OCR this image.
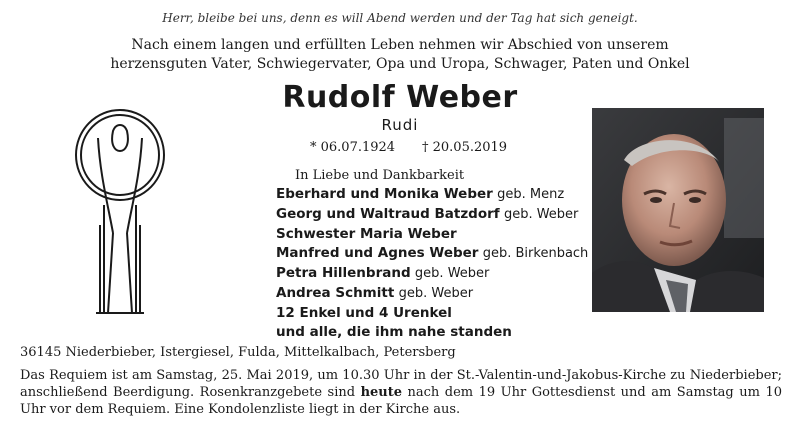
Herr, bleibe bei uns, denn es will Abend werden und der Tag hat sich geneigt.
Nach einem langen und erfüllten Leben nehmen wir Abschied von unserem
herzensguten Vater, Schwiegervater, Opa und Uropa, Schwager, Paten und Onkel
Rudolf Weber
Rudi
* 06.07.1924 † 20.05.2019
In Liebe und Dankbarkeit
Eberhard und Monika Weber geb. Menz
Georg und Waltraud Batzdorf geb. Weber
Schwester Maria Weber
Manfred und Agnes Weber geb. Birkenbach
Petra Hillenbrand geb. Weber
Andrea Schmitt geb. Weber
12 Enkel und 4 Urenkel
und alle, die ihm nahe standen
36145 Niederbieber, Istergiesel, Fulda, Mittelkalbach, Petersberg
Das Requiem ist am Samstag, 25. Mai 2019, um 10.30 Uhr in der St.-Valentin-und-Jakobus-Kirche zu Niederbieber; anschließend Beerdigung. Rosenkranzgebete sind heute nach dem 19 Uhr Gottesdienst und am Samstag um 10 Uhr vor dem Requiem. Eine Kondolenzliste liegt in der Kirche aus.
